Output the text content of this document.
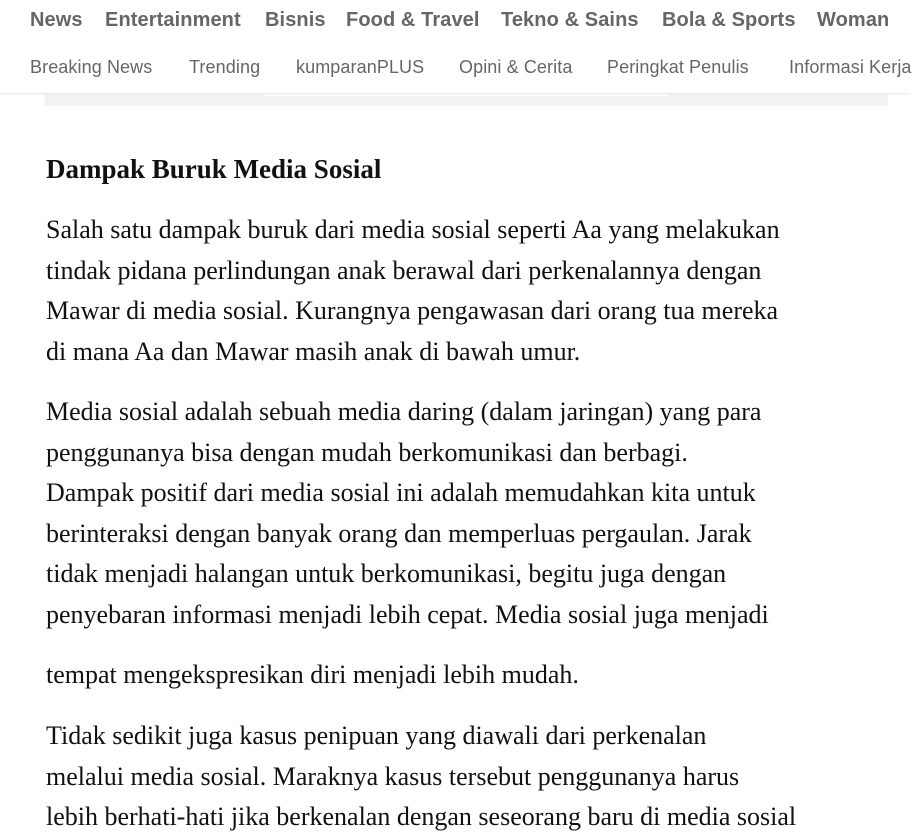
News Entertainment Bisnis Food & Travel Tekno & Sains Bola & Sports Woman
Breaking News Trending kumparanPLUS Opini & Cerita Peringkat Penulis Informasi Kerja
Dampak Buruk Media Sosial

Salah satu dampak buruk dari media sosial seperti Aa yang melakukan
tindak pidana perlindungan anak berawal dari perkenalannya dengan
Mawar di media sosial. Kurangnya pengawasan dari orang tua mereka
di mana Aa dan Mawar masih anak di bawah umur.

Media sosial adalah sebuah media daring (dalam jaringan) yang para
penggunanya bisa dengan mudah berkomunikasi dan berbagi.
Dampak positif dari media sosial ini adalah memudahkan kita untuk
berinteraksi dengan banyak orang dan memperluas pergaulan. Jarak
tidak menjadi halangan untuk berkomunikasi, begitu juga dengan
penyebaran informasi menjadi lebih cepat. Media sosial juga menjadi

tempat mengekspresikan diri menjadi lebih mudah.

Tidak sedikit juga kasus penipuan yang diawali dari perkenalan
melalui media sosial. Maraknya kasus tersebut penggunanya harus
lebih berhati-hati jika berkenalan dengan seseorang baru di media sosial
